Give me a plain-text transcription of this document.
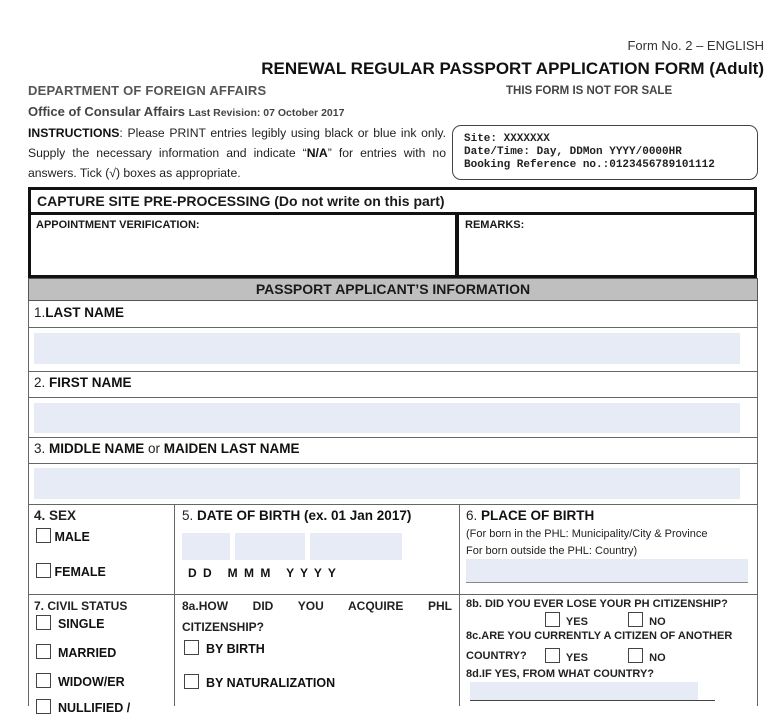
Form No. 2 – ENGLISH
RENEWAL REGULAR PASSPORT APPLICATION FORM (Adult)
DEPARTMENT OF FOREIGN AFFAIRS	THIS FORM IS NOT FOR SALE
Office of Consular Affairs Last Revision: 07 October 2017
INSTRUCTIONS: Please PRINT entries legibly using black or blue ink only. Supply the necessary information and indicate “N/A” for entries with no answers. Tick (√) boxes as appropriate.
Site: XXXXXXX
Date/Time: Day, DDMon YYYY/0000HR
Booking Reference no.:0123456789101112
CAPTURE SITE PRE-PROCESSING (Do not write on this part)
APPOINTMENT VERIFICATION:	REMARKS:
PASSPORT APPLICANT’S INFORMATION
1.LAST NAME
2. FIRST NAME
3. MIDDLE NAME or MAIDEN LAST NAME
4. SEX
MALE
FEMALE
5. DATE OF BIRTH (ex. 01 Jan 2017)
D D   M M M   Y Y Y Y
6. PLACE OF BIRTH
(For born in the PHL: Municipality/City & Province
For born outside the PHL: Country)
7. CIVIL STATUS
SINGLE
MARRIED
WIDOW/ER
NULLIFIED /
8a.HOW DID YOU ACQUIRE PHL
CITIZENSHIP?
BY BIRTH
BY NATURALIZATION
8b. DID YOU EVER LOSE YOUR PH CITIZENSHIP?
YES	NO
8c.ARE YOU CURRENTLY A CITIZEN OF ANOTHER
COUNTRY?	YES	NO
8d.IF YES, FROM WHAT COUNTRY?
